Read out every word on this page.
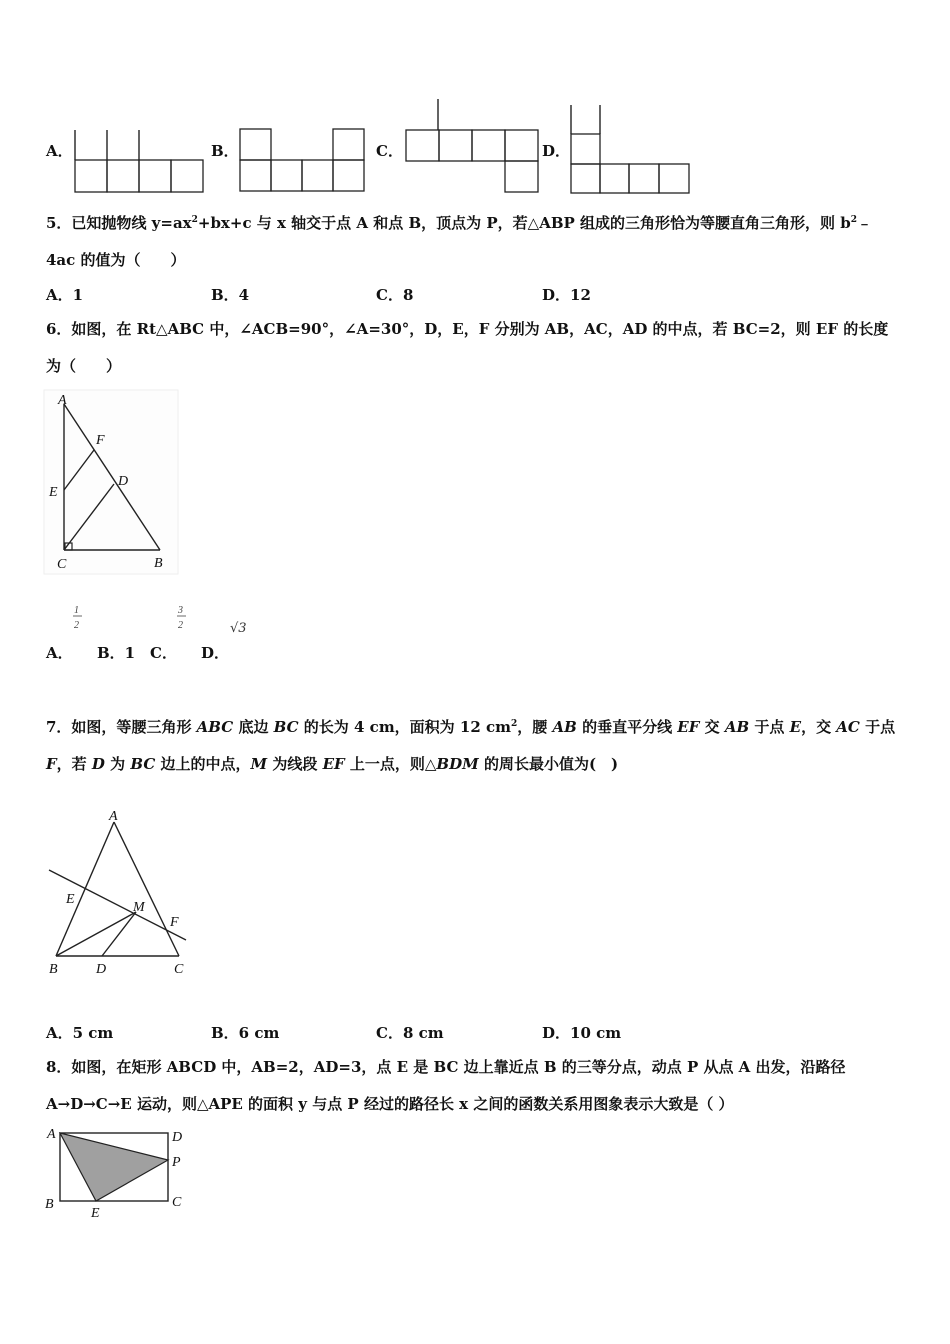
A．	B．	C．	D．
5．已知抛物线 $y=ax^2+bx+c$ 与 x 轴交于点 A 和点 B，顶点为 P，若△ABP 组成的三角形恰为等腰直角三角形，则 $b^2﹣$
4ac 的值为（　　）
A．1	B．4	C．8	D．12
6．如图，在 Rt△ABC 中，∠ACB=90°，∠A=30°，D，E，F 分别为 AB，AC，AD 的中点，若 BC=2，则 EF 的长度
为（　　）
A
F
E
D
C	B
1
2
3
2	√3
A． B．1 C． D．
7．如图，等腰三角形 ABC 底边 BC 的长为 4 cm，面积为 12 $cm^2$，腰 AB 的垂直平分线 EF 交 AB 于点 E，交 AC 于点
F，若 D 为 BC 边上的中点，M 为线段 EF 上一点，则△BDM 的周长最小值为(　)
A
E
M
F
B	D	C
A．5 cm	B．6 cm	C．8 cm	D．10 cm
8．如图，在矩形 ABCD 中，AB=2，AD=3，点 E 是 BC 边上靠近点 B 的三等分点，动点 P 从点 A 出发，沿路径
A→D→C→E 运动，则△APE 的面积 y 与点 P 经过的路径长 x 之间的函数关系用图象表示大致是（ ）
A	D
P
C
B
E
